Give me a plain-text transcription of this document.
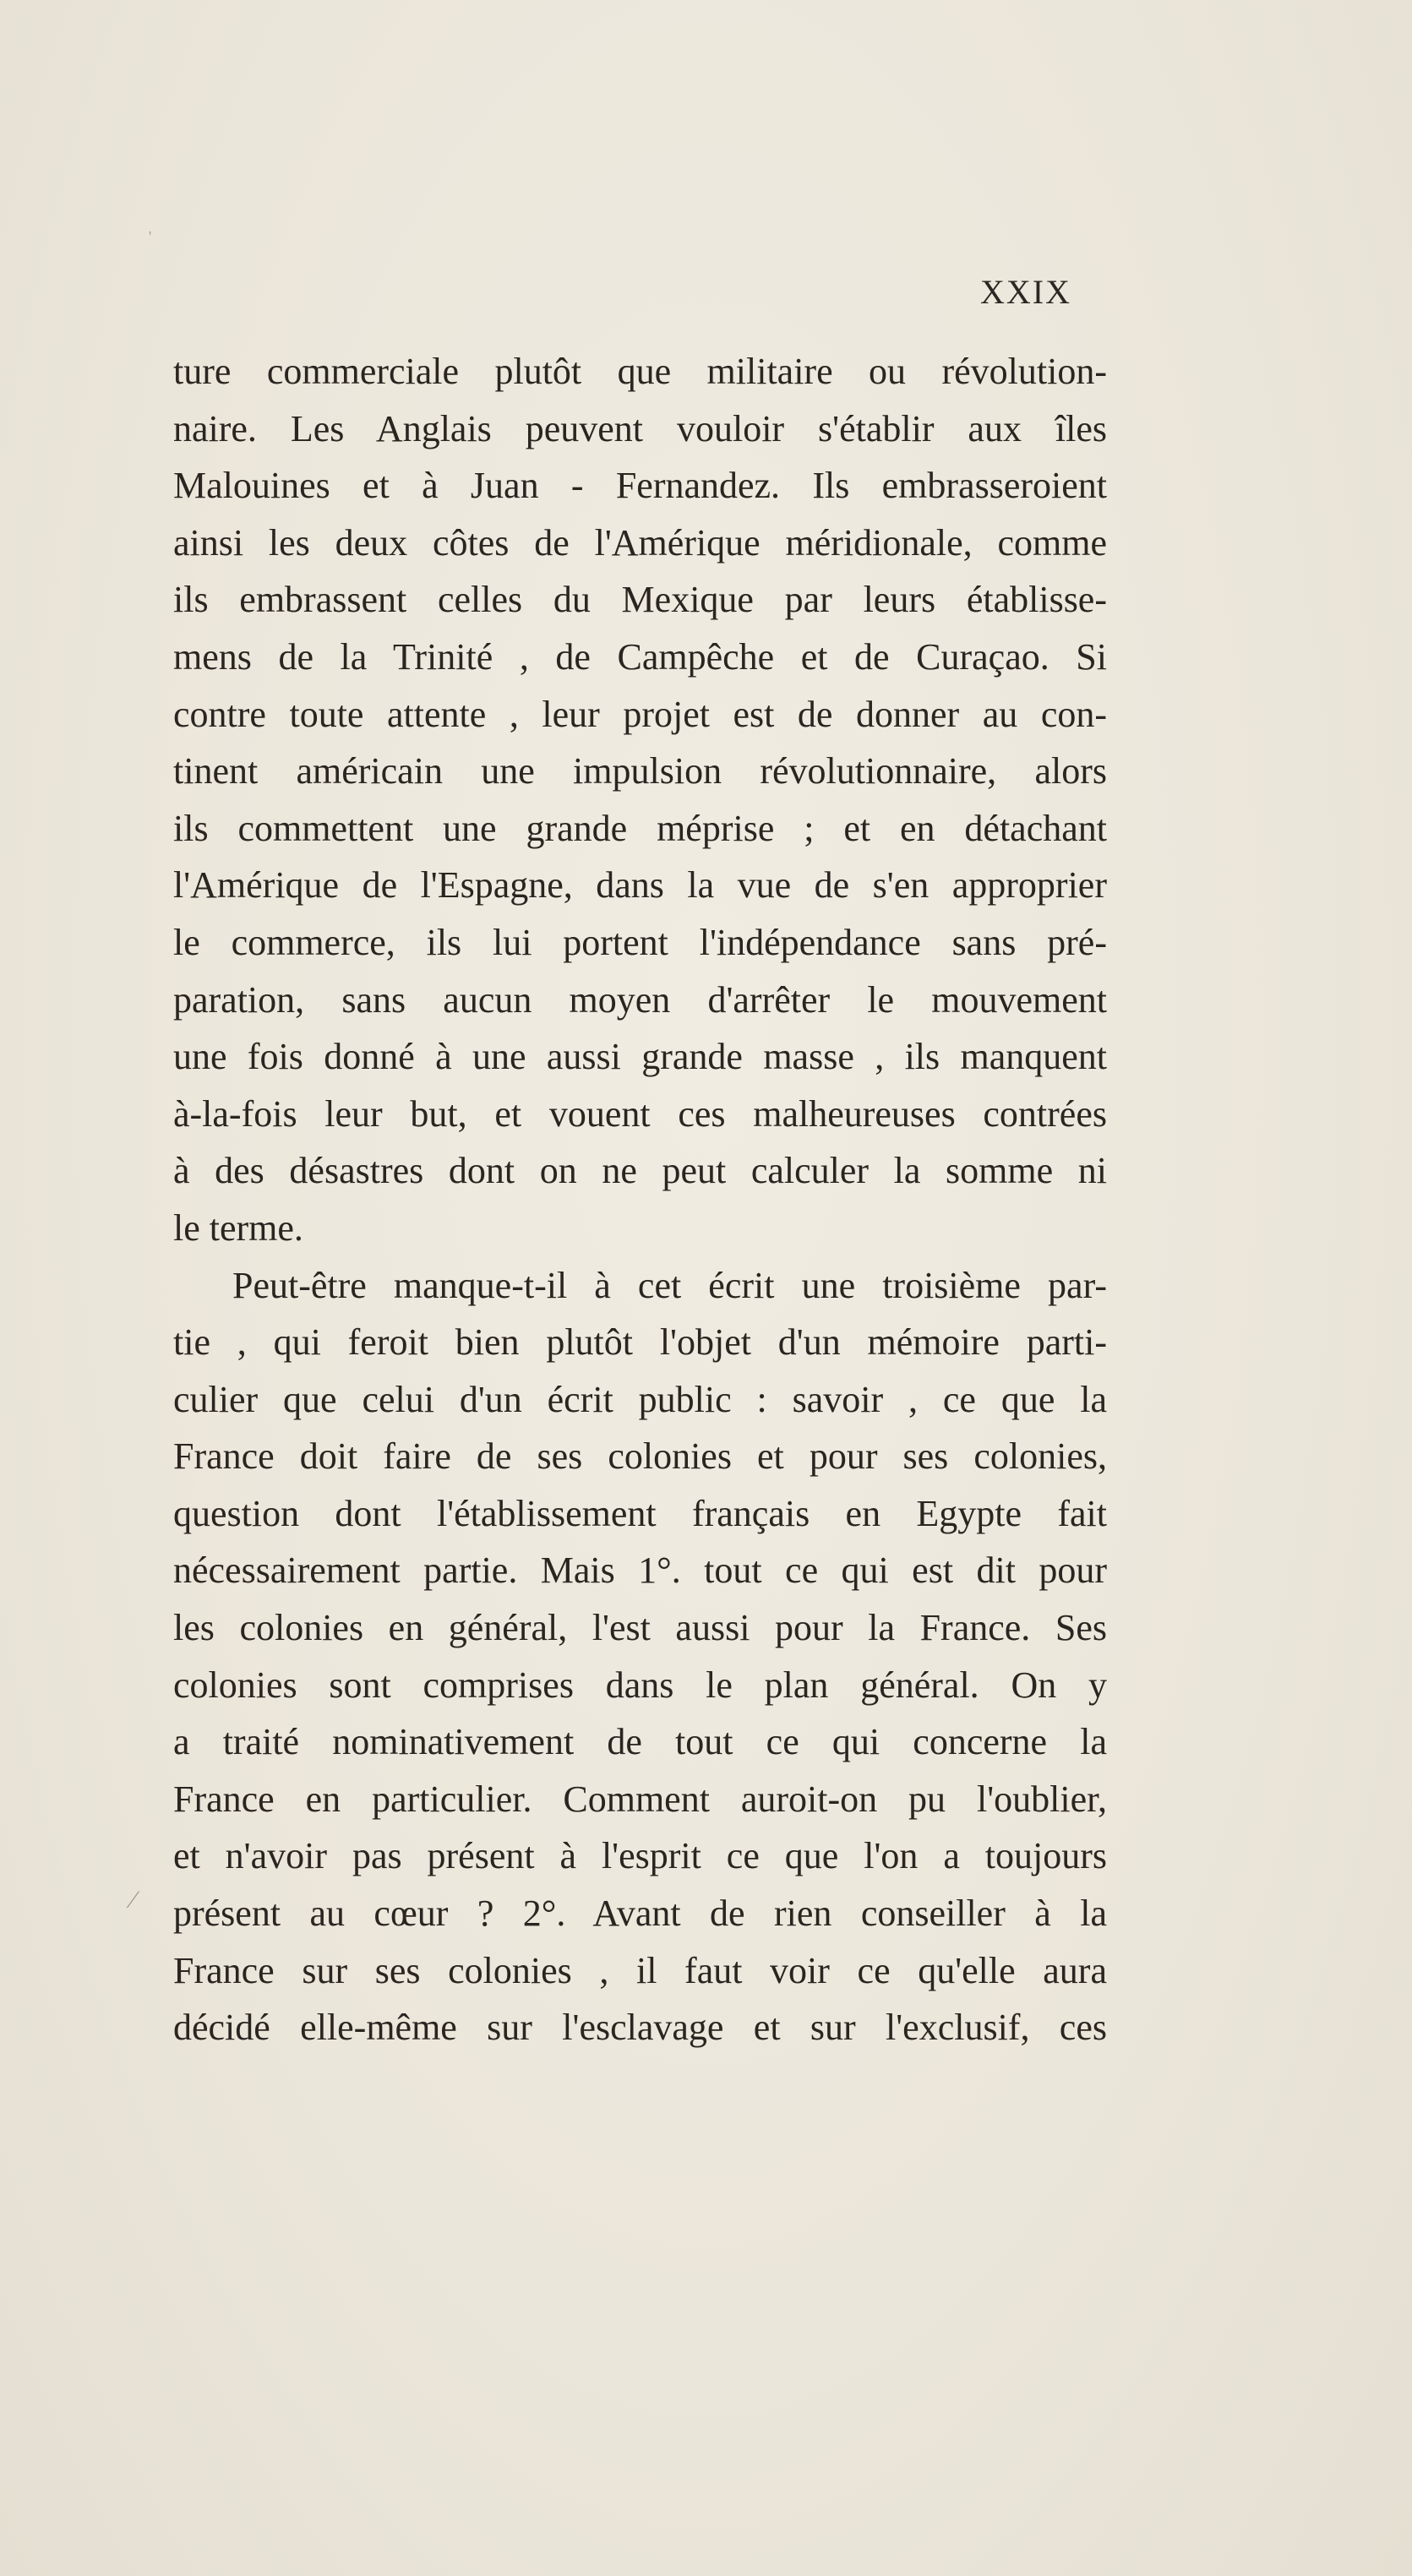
'
XXIX
ture commerciale plutôt que militaire ou révolution-
naire. Les Anglais peuvent vouloir s'établir aux îles
Malouines et à Juan - Fernandez. Ils embrasseroient
ainsi les deux côtes de l'Amérique méridionale, comme
ils embrassent celles du Mexique par leurs établisse-
mens de la Trinité , de Campêche et de Curaçao. Si
contre toute attente , leur projet est de donner au con-
tinent américain une impulsion révolutionnaire, alors
ils commettent une grande méprise ; et en détachant
l'Amérique de l'Espagne, dans la vue de s'en approprier
le commerce, ils lui portent l'indépendance sans pré-
paration, sans aucun moyen d'arrêter le mouvement
une fois donné à une aussi grande masse , ils manquent
à-la-fois leur but, et vouent ces malheureuses contrées
à des désastres dont on ne peut calculer la somme ni
le terme.
Peut-être manque-t-il à cet écrit une troisième par-
tie , qui feroit bien plutôt l'objet d'un mémoire parti-
culier que celui d'un écrit public : savoir , ce que la
France doit faire de ses colonies et pour ses colonies,
question dont l'établissement français en Egypte fait
nécessairement partie. Mais 1°. tout ce qui est dit pour
les colonies en général, l'est aussi pour la France. Ses
colonies sont comprises dans le plan général. On y
a traité nominativement de tout ce qui concerne la
France en particulier. Comment auroit-on pu l'oublier,
et n'avoir pas présent à l'esprit ce que l'on a toujours
présent au cœur ? 2°. Avant de rien conseiller à la
France sur ses colonies , il faut voir ce qu'elle aura
décidé elle-même sur l'esclavage et sur l'exclusif, ces
⁄
